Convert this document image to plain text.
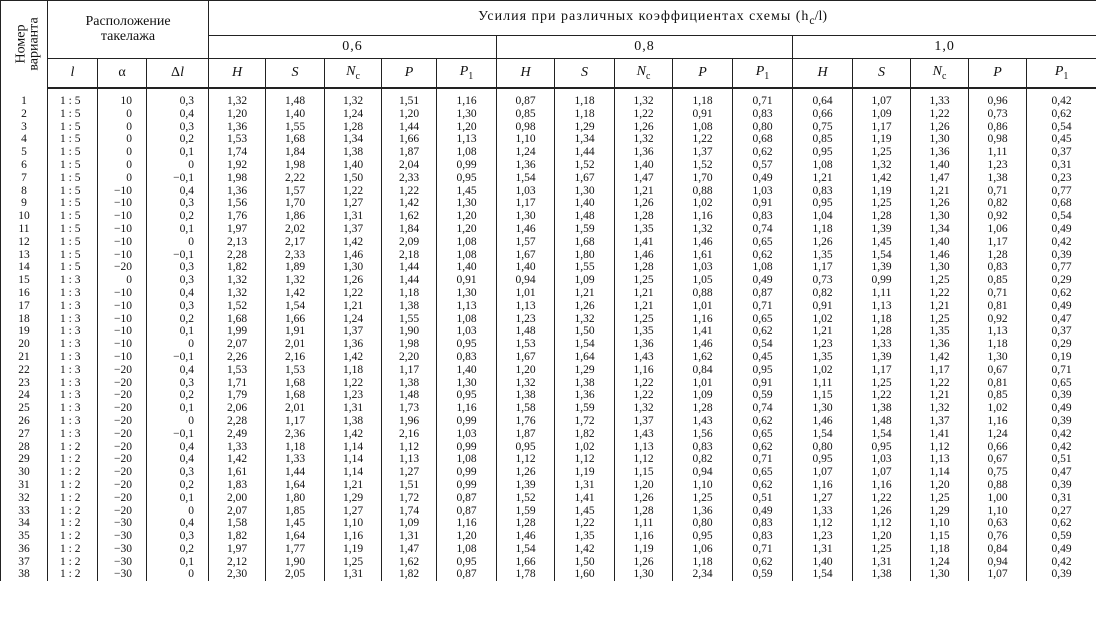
Номер
варианта	Расположение
такелажа			Усилия при различных коэффициентах схемы $(h_с/l)$														
				0,6					0,8					1,0				
	l	α	Δl	H	S	$N_с$	P	$P_1$	H	S	$N_с$	P	$P_1$	H	S	$N_с$	P	$P_1$
1	1 : 5	10	0,3	1,32	1,48	1,32	1,51	1,16	0,87	1,18	1,32	1,18	0,71	0,64	1,07	1,33	0,96	0,42
2	1 : 5	0	0,4	1,20	1,40	1,24	1,20	1,30	0,85	1,18	1,22	0,91	0,83	0,66	1,09	1,22	0,73	0,62
3	1 : 5	0	0,3	1,36	1,55	1,28	1,44	1,20	0,98	1,29	1,26	1,08	0,80	0,75	1,17	1,26	0,86	0,54
4	1 : 5	0	0,2	1,53	1,68	1,34	1,66	1,13	1,10	1,34	1,32	1,22	0,68	0,85	1,19	1,30	0,98	0,45
5	1 : 5	0	0,1	1,74	1,84	1,38	1,87	1,08	1,24	1,44	1,36	1,37	0,62	0,95	1,25	1,36	1,11	0,37
6	1 : 5	0	0	1,92	1,98	1,40	2,04	0,99	1,36	1,52	1,40	1,52	0,57	1,08	1,32	1,40	1,23	0,31
7	1 : 5	0	−0,1	1,98	2,22	1,50	2,33	0,95	1,54	1,67	1,47	1,70	0,49	1,21	1,42	1,47	1,38	0,23
8	1 : 5	−10	0,4	1,36	1,57	1,22	1,22	1,45	1,03	1,30	1,21	0,88	1,03	0,83	1,19	1,21	0,71	0,77
9	1 : 5	−10	0,3	1,56	1,70	1,27	1,42	1,30	1,17	1,40	1,26	1,02	0,91	0,95	1,25	1,26	0,82	0,68
10	1 : 5	−10	0,2	1,76	1,86	1,31	1,62	1,20	1,30	1,48	1,28	1,16	0,83	1,04	1,28	1,30	0,92	0,54
11	1 : 5	−10	0,1	1,97	2,02	1,37	1,84	1,20	1,46	1,59	1,35	1,32	0,74	1,18	1,39	1,34	1,06	0,49
12	1 : 5	−10	0	2,13	2,17	1,42	2,09	1,08	1,57	1,68	1,41	1,46	0,65	1,26	1,45	1,40	1,17	0,42
13	1 : 5	−10	−0,1	2,28	2,33	1,46	2,18	1,08	1,67	1,80	1,46	1,61	0,62	1,35	1,54	1,46	1,28	0,39
14	1 : 5	−20	0,3	1,82	1,89	1,30	1,44	1,40	1,40	1,55	1,28	1,03	1,08	1,17	1,39	1,30	0,83	0,77
15	1 : 3	0	0,3	1,32	1,32	1,26	1,44	0,91	0,94	1,09	1,25	1,05	0,49	0,73	0,99	1,25	0,85	0,29
16	1 : 3	−10	0,4	1,32	1,42	1,22	1,18	1,30	1,01	1,21	1,21	0,88	0,87	0,82	1,11	1,22	0,71	0,62
17	1 : 3	−10	0,3	1,52	1,54	1,21	1,38	1,13	1,13	1,26	1,21	1,01	0,71	0,91	1,13	1,21	0,81	0,49
18	1 : 3	−10	0,2	1,68	1,66	1,24	1,55	1,08	1,23	1,32	1,25	1,16	0,65	1,02	1,18	1,25	0,92	0,47
19	1 : 3	−10	0,1	1,99	1,91	1,37	1,90	1,03	1,48	1,50	1,35	1,41	0,62	1,21	1,28	1,35	1,13	0,37
20	1 : 3	−10	0	2,07	2,01	1,36	1,98	0,95	1,53	1,54	1,36	1,46	0,54	1,23	1,33	1,36	1,18	0,29
21	1 : 3	−10	−0,1	2,26	2,16	1,42	2,20	0,83	1,67	1,64	1,43	1,62	0,45	1,35	1,39	1,42	1,30	0,19
22	1 : 3	−20	0,4	1,53	1,53	1,18	1,17	1,40	1,20	1,29	1,16	0,84	0,95	1,02	1,17	1,17	0,67	0,71
23	1 : 3	−20	0,3	1,71	1,68	1,22	1,38	1,30	1,32	1,38	1,22	1,01	0,91	1,11	1,25	1,22	0,81	0,65
24	1 : 3	−20	0,2	1,79	1,68	1,23	1,48	0,95	1,38	1,36	1,22	1,09	0,59	1,15	1,22	1,21	0,85	0,39
25	1 : 3	−20	0,1	2,06	2,01	1,31	1,73	1,16	1,58	1,59	1,32	1,28	0,74	1,30	1,38	1,32	1,02	0,49
26	1 : 3	−20	0	2,28	1,17	1,38	1,96	0,99	1,76	1,72	1,37	1,43	0,62	1,46	1,48	1,37	1,16	0,39
27	1 : 3	−20	−0,1	2,49	2,36	1,42	2,16	1,03	1,87	1,82	1,43	1,56	0,65	1,54	1,54	1,41	1,24	0,42
28	1 : 2	−20	0,4	1,33	1,18	1,14	1,12	0,99	0,95	1,02	1,13	0,83	0,62	0,80	0,95	1,12	0,66	0,42
29	1 : 2	−20	0,4	1,42	1,33	1,14	1,13	1,08	1,12	1,12	1,12	0,82	0,71	0,95	1,03	1,13	0,67	0,51
30	1 : 2	−20	0,3	1,61	1,44	1,14	1,27	0,99	1,26	1,19	1,15	0,94	0,65	1,07	1,07	1,14	0,75	0,47
31	1 : 2	−20	0,2	1,83	1,64	1,21	1,51	0,99	1,39	1,31	1,20	1,10	0,62	1,16	1,16	1,20	0,88	0,39
32	1 : 2	−20	0,1	2,00	1,80	1,29	1,72	0,87	1,52	1,41	1,26	1,25	0,51	1,27	1,22	1,25	1,00	0,31
33	1 : 2	−20	0	2,07	1,85	1,27	1,74	0,87	1,59	1,45	1,28	1,36	0,49	1,33	1,26	1,29	1,10	0,27
34	1 : 2	−30	0,4	1,58	1,45	1,10	1,09	1,16	1,28	1,22	1,11	0,80	0,83	1,12	1,12	1,10	0,63	0,62
35	1 : 2	−30	0,3	1,82	1,64	1,16	1,31	1,20	1,46	1,35	1,16	0,95	0,83	1,23	1,20	1,15	0,76	0,59
36	1 : 2	−30	0,2	1,97	1,77	1,19	1,47	1,08	1,54	1,42	1,19	1,06	0,71	1,31	1,25	1,18	0,84	0,49
37	1 : 2	−30	0,1	2,12	1,90	1,25	1,62	0,95	1,66	1,50	1,26	1,18	0,62	1,40	1,31	1,24	0,94	0,42
38	1 : 2	−30	0	2,30	2,05	1,31	1,82	0,87	1,78	1,60	1,30	2,34	0,59	1,54	1,38	1,30	1,07	0,39
